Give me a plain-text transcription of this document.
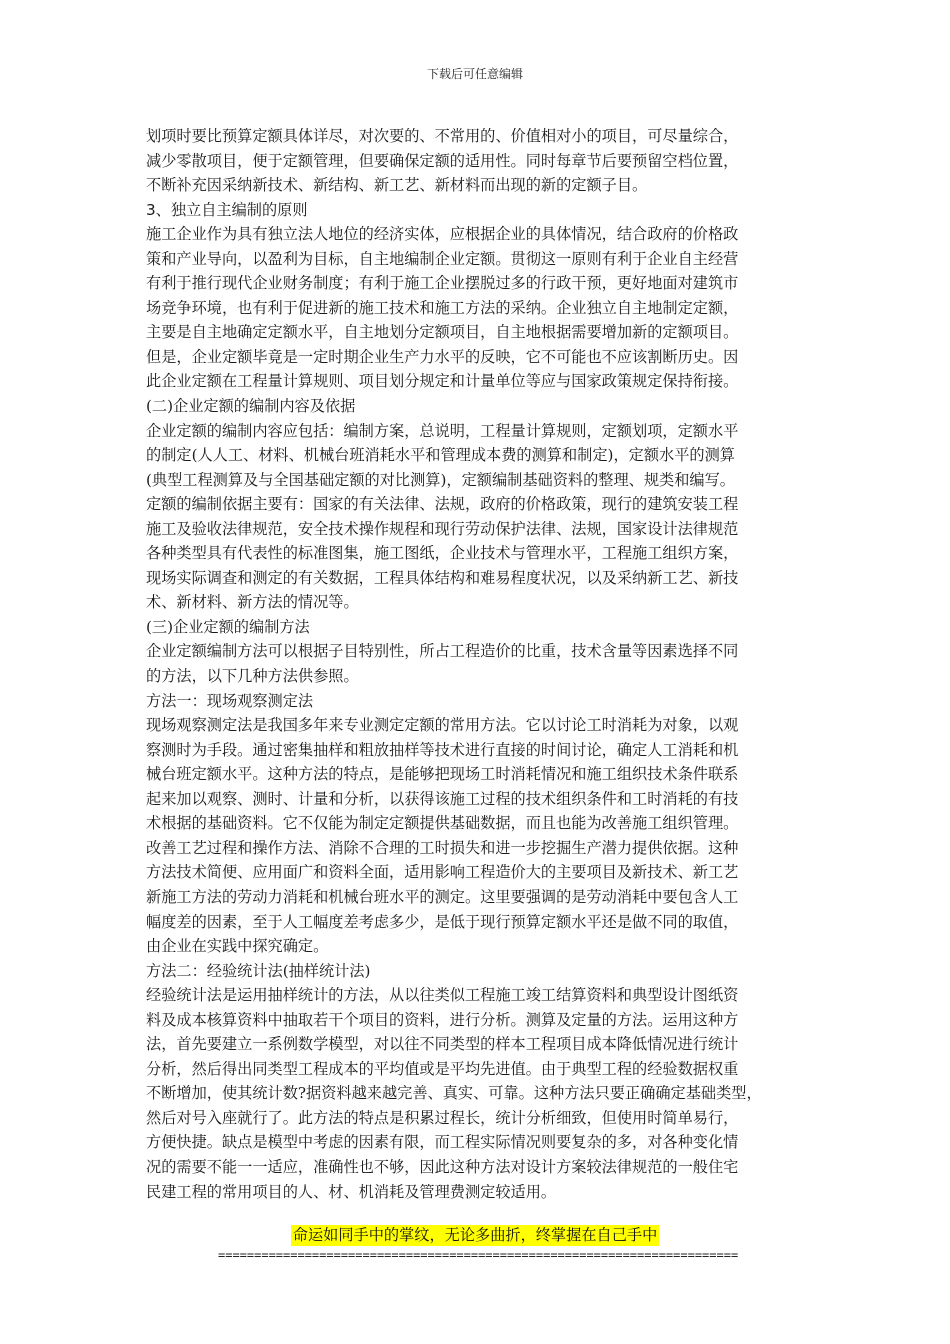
下载后可任意编辑
划项时要比预算定额具体详尽，对次要的、不常用的、价值相对小的项目，可尽量综合，
减少零散项目，便于定额管理，但要确保定额的适用性。同时每章节后要预留空档位置，
不断补充因采纳新技术、新结构、新工艺、新材料而出现的新的定额子目。
3、独立自主编制的原则
施工企业作为具有独立法人地位的经济实体，应根据企业的具体情况，结合政府的价格政
策和产业导向，以盈利为目标，自主地编制企业定额。贯彻这一原则有利于企业自主经营
有利于推行现代企业财务制度；有利于施工企业摆脱过多的行政干预，更好地面对建筑市
场竞争环境，也有利于促进新的施工技术和施工方法的采纳。企业独立自主地制定定额，
主要是自主地确定定额水平，自主地划分定额项目，自主地根据需要增加新的定额项目。
但是，企业定额毕竟是一定时期企业生产力水平的反映，它不可能也不应该割断历史。因
此企业定额在工程量计算规则、项目划分规定和计量单位等应与国家政策规定保持衔接。
(二)企业定额的编制内容及依据
企业定额的编制内容应包括：编制方案，总说明，工程量计算规则，定额划项，定额水平
的制定(人人工、材料、机械台班消耗水平和管理成本费的测算和制定)，定额水平的测算
(典型工程测算及与全国基础定额的对比测算)，定额编制基础资料的整理、规类和编写。
定额的编制依据主要有：国家的有关法律、法规，政府的价格政策，现行的建筑安装工程
施工及验收法律规范，安全技术操作规程和现行劳动保护法律、法规，国家设计法律规范
各种类型具有代表性的标准图集，施工图纸，企业技术与管理水平，工程施工组织方案，
现场实际调查和测定的有关数据，工程具体结构和难易程度状况，以及采纳新工艺、新技
术、新材料、新方法的情况等。
(三)企业定额的编制方法
企业定额编制方法可以根据子目特别性，所占工程造价的比重，技术含量等因素选择不同
的方法，以下几种方法供参照。
方法一：现场观察测定法
现场观察测定法是我国多年来专业测定定额的常用方法。它以讨论工时消耗为对象，以观
察测时为手段。通过密集抽样和粗放抽样等技术进行直接的时间讨论，确定人工消耗和机
械台班定额水平。这种方法的特点，是能够把现场工时消耗情况和施工组织技术条件联系
起来加以观察、测时、计量和分析，以获得该施工过程的技术组织条件和工时消耗的有技
术根据的基础资料。它不仅能为制定定额提供基础数据，而且也能为改善施工组织管理。
改善工艺过程和操作方法、消除不合理的工时损失和进一步挖掘生产潜力提供依据。这种
方法技术简便、应用面广和资料全面，适用影响工程造价大的主要项目及新技术、新工艺
新施工方法的劳动力消耗和机械台班水平的测定。这里要强调的是劳动消耗中要包含人工
幅度差的因素，至于人工幅度差考虑多少，是低于现行预算定额水平还是做不同的取值，
由企业在实践中探究确定。
方法二：经验统计法(抽样统计法)
经验统计法是运用抽样统计的方法，从以往类似工程施工竣工结算资料和典型设计图纸资
料及成本核算资料中抽取若干个项目的资料，进行分析。测算及定量的方法。运用这种方
法，首先要建立一系例数学模型，对以往不同类型的样本工程项目成本降低情况进行统计
分析，然后得出同类型工程成本的平均值或是平均先进值。由于典型工程的经验数据权重
不断增加，使其统计数?据资料越来越完善、真实、可靠。这种方法只要正确确定基础类型，
然后对号入座就行了。此方法的特点是积累过程长，统计分析细致，但使用时简单易行，
方便快捷。缺点是模型中考虑的因素有限，而工程实际情况则要复杂的多，对各种变化情
况的需要不能一一适应，准确性也不够，因此这种方法对设计方案较法律规范的一般住宅
民建工程的常用项目的人、材、机消耗及管理费测定较适用。
命运如同手中的掌纹，无论多曲折，终掌握在自己手中
========================================================================
